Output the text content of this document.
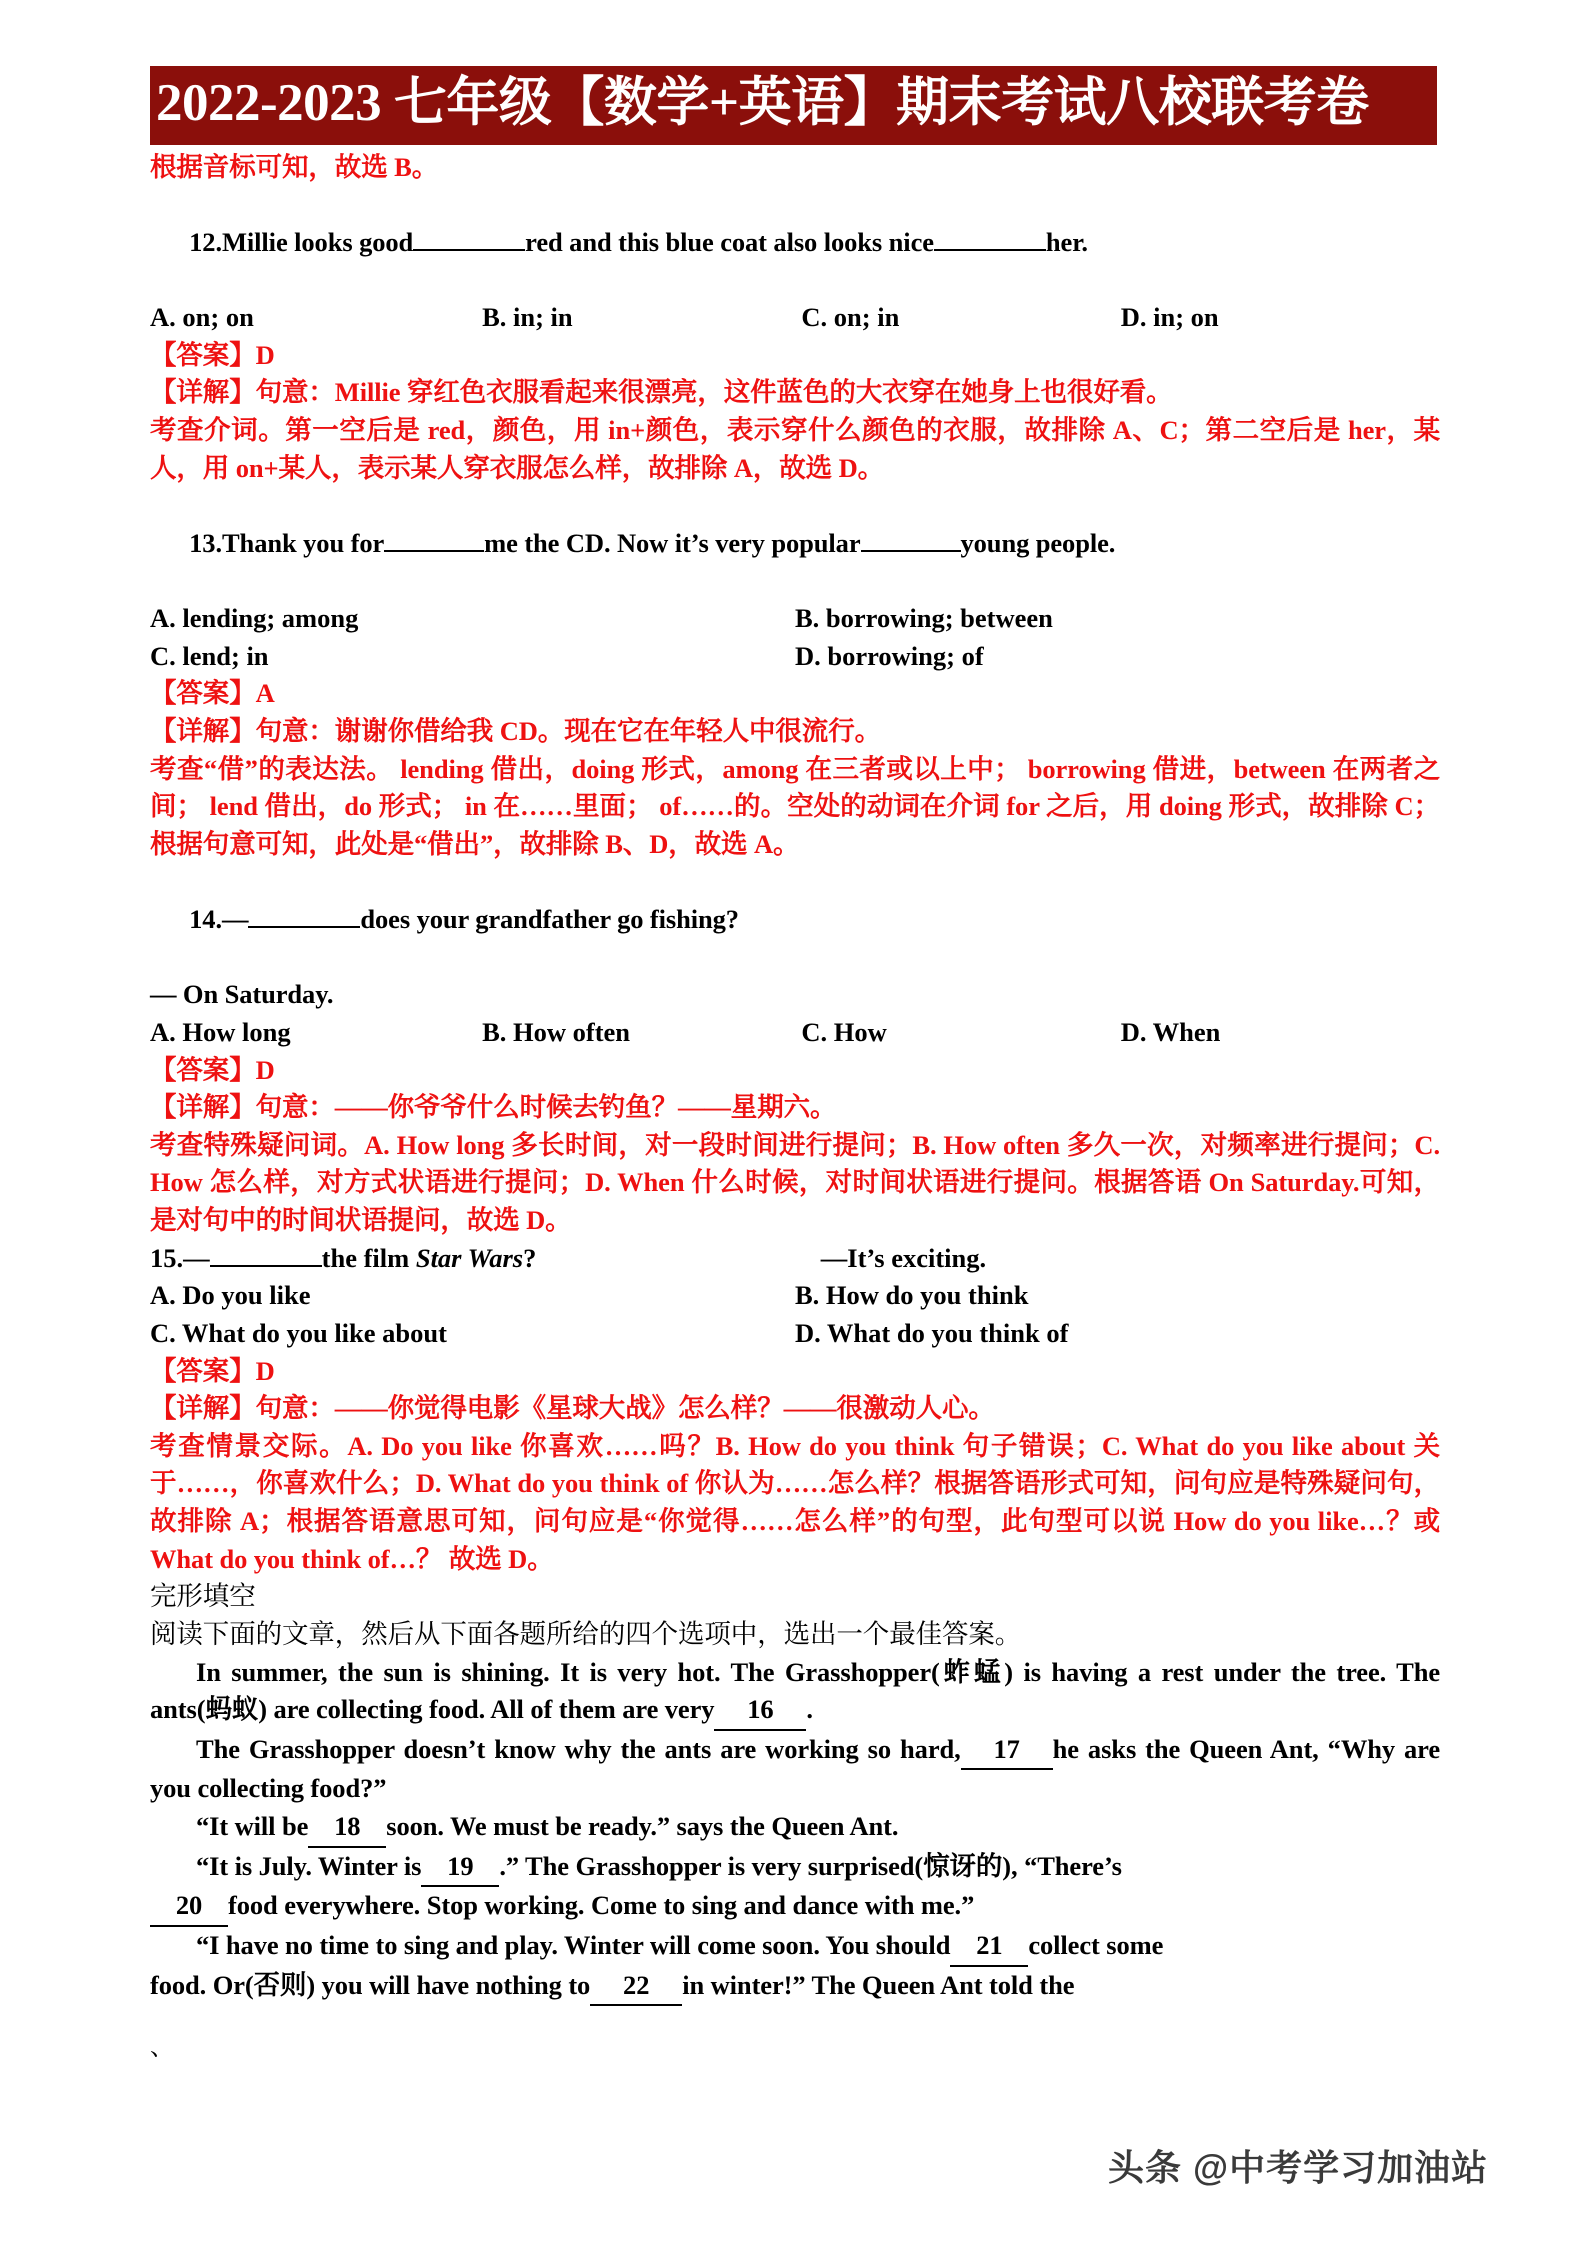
2022-2023 七年级【数学+英语】期末考试八校联考卷
根据音标可知，故选 B。

12.Millie looks good	red and this blue coat also looks nice	her.

A. on; on	B. in; in	C. on; in	D. in; on
【答案】D
【详解】句意：Millie 穿红色衣服看起来很漂亮，这件蓝色的大衣穿在她身上也很好看。
考查介词。第一空后是 red，颜色，用 in+颜色，表示穿什么颜色的衣服，故排除 A、C；第二空后是 her，某人，用 on+某人，表示某人穿衣服怎么样，故排除 A，故选 D。

13.Thank you for	me the CD. Now it’s very popular	young people.

A. lending; among	B. borrowing; between
C. lend; in	D. borrowing; of
【答案】A
【详解】句意：谢谢你借给我 CD。现在它在年轻人中很流行。
考查“借”的表达法。 lending 借出，doing 形式，among 在三者或以上中； borrowing 借进，between 在两者之间； lend 借出，do 形式； in 在……里面； of……的。空处的动词在介词 for 之后，用 doing 形式，故排除 C；根据句意可知，此处是“借出”，故排除 B、D，故选 A。

14.—	does your grandfather go fishing?

— On Saturday.
A. How long	B. How often	C. How	D. When
【答案】D
【详解】句意：——你爷爷什么时候去钓鱼？——星期六。
考查特殊疑问词。A. How long 多长时间，对一段时间进行提问；B. How often 多久一次，对频率进行提问；C. How 怎么样，对方式状语进行提问；D. When 什么时候，对时间状语进行提问。根据答语 On Saturday.可知，是对句中的时间状语提问，故选 D。
15.—	the film Star Wars?	—It’s exciting.
A. Do you like	B. How do you think
C. What do you like about	D. What do you think of
【答案】D
【详解】句意：——你觉得电影《星球大战》怎么样？——很激动人心。
考查情景交际。A. Do you like 你喜欢……吗？B. How do you think 句子错误；C. What do you like about 关于……，你喜欢什么；D. What do you think of 你认为……怎么样？根据答语形式可知，问句应是特殊疑问句，故排除 A；根据答语意思可知，问句应是“你觉得……怎么样”的句型，此句型可以说 How do you like…？或 What do you think of…？ 故选 D。
完形填空
阅读下面的文章，然后从下面各题所给的四个选项中，选出一个最佳答案。
In summer, the sun is shining. It is very hot. The Grasshopper(蚱蜢) is having a rest under the tree. The ants(蚂蚁) are collecting food. All of them are very 16 .
The Grasshopper doesn’t know why the ants are working so hard, 17 he asks the Queen Ant, “Why are you collecting food?”
“It will be 18 soon. We must be ready.” says the Queen Ant.
“It is July. Winter is 19 .” The Grasshopper is very surprised(惊讶的), “There’s
20 food everywhere. Stop working. Come to sing and dance with me.”
“I have no time to sing and play. Winter will come soon. You should 21 collect some
food. Or(否则) you will have nothing to 22 in winter!” The Queen Ant told the
、
头条 @中考学习加油站
